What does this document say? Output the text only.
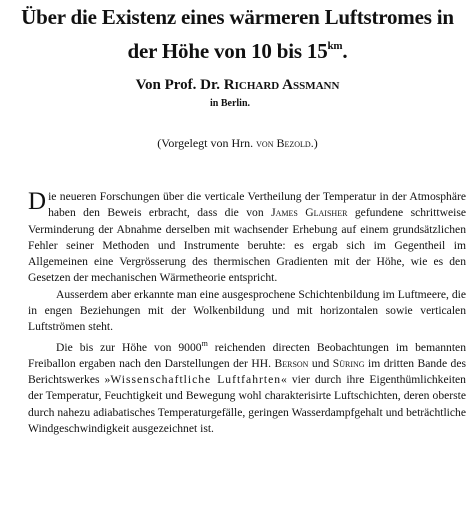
Über die Existenz eines wärmeren Luftstromes in
der Höhe von 10 bis $15^{km}$.
Von Prof. Dr. Richard Assmann
in Berlin.
(Vorgelegt von Hrn. von Bezold.)

Die neueren Forschungen über die verticale Vertheilung der Temperatur in der Atmosphäre haben den Beweis erbracht, dass die von James Glaisher gefundene schrittweise Verminderung der Abnahme derselben mit wachsender Erhebung auf einem grundsätzlichen Fehler seiner Methoden und Instrumente beruhte: es ergab sich im Gegentheil im Allgemeinen eine Vergrösserung des thermischen Gradienten mit der Höhe, wie es den Gesetzen der mechanischen Wärmetheorie entspricht.

Ausserdem aber erkannte man eine ausgesprochene Schichtenbildung im Luftmeere, die in engen Beziehungen mit der Wolkenbildung und mit horizontalen sowie verticalen Luftströmen steht.

Die bis zur Höhe von 9000$^m$ reichenden directen Beobachtungen im bemannten Freiballon ergaben nach den Darstellungen der HH. Berson und Süring im dritten Bande des Berichtswerkes »Wissenschaftliche Luftfahrten« vier durch ihre Eigenthümlichkeiten der Temperatur, Feuchtigkeit und Bewegung wohl charakterisirte Luftschichten, deren oberste durch nahezu adiabatisches Temperaturgefälle, geringen Wasserdampfgehalt und beträchtliche Windgeschwindigkeit ausgezeichnet ist.
